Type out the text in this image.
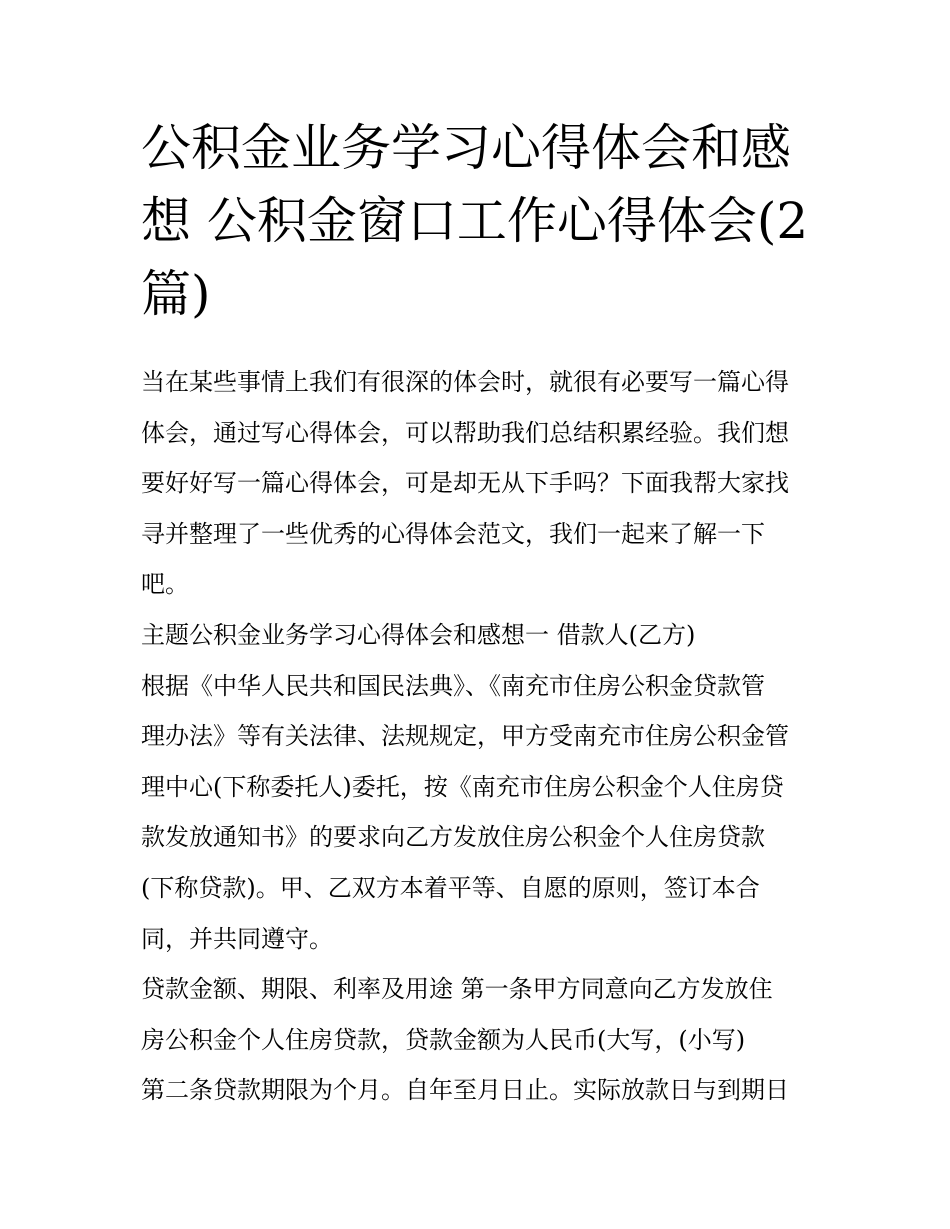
公积金业务学习心得体会和感
想 公积金窗口工作心得体会(2
篇)
当在某些事情上我们有很深的体会时，就很有必要写一篇心得
体会，通过写心得体会，可以帮助我们总结积累经验。我们想
要好好写一篇心得体会，可是却无从下手吗？下面我帮大家找
寻并整理了一些优秀的心得体会范文，我们一起来了解一下
吧。
主题公积金业务学习心得体会和感想一 借款人(乙方)
根据《中华人民共和国民法典》、《南充市住房公积金贷款管
理办法》等有关法律、法规规定，甲方受南充市住房公积金管
理中心(下称委托人)委托，按《南充市住房公积金个人住房贷
款发放通知书》的要求向乙方发放住房公积金个人住房贷款
(下称贷款)。甲、乙双方本着平等、自愿的原则，签订本合
同，并共同遵守。
贷款金额、期限、利率及用途 第一条甲方同意向乙方发放住
房公积金个人住房贷款，贷款金额为人民币(大写，(小写)
第二条贷款期限为个月。自年至月日止。实际放款日与到期日
